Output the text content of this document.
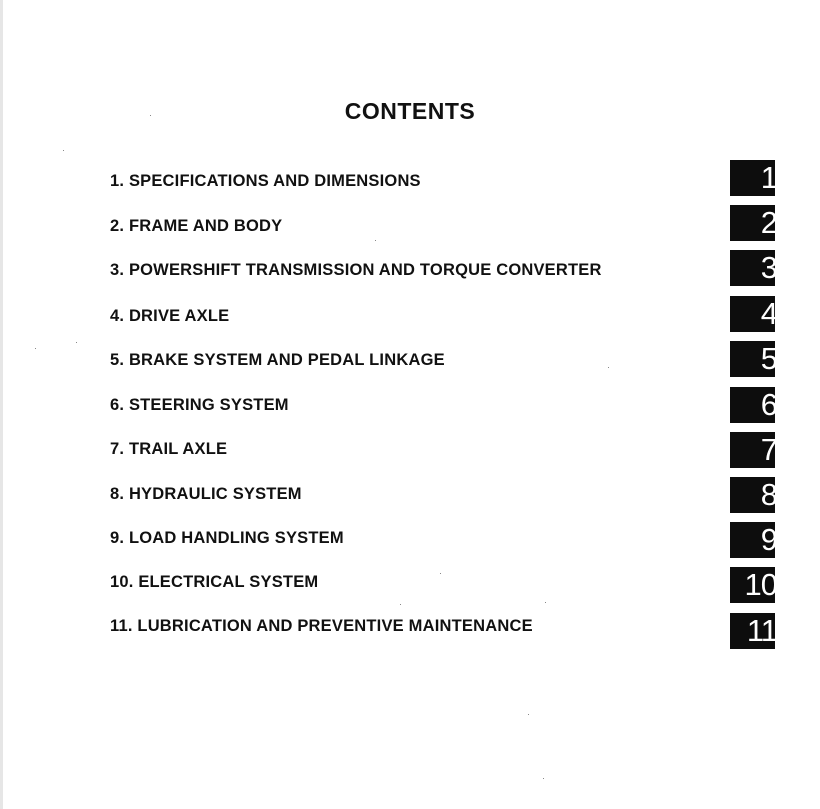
CONTENTS
1. SPECIFICATIONS AND DIMENSIONS
2. FRAME AND BODY
3. POWERSHIFT TRANSMISSION AND TORQUE CONVERTER
4. DRIVE AXLE
5. BRAKE SYSTEM AND PEDAL LINKAGE
6. STEERING SYSTEM
7. TRAIL AXLE
8. HYDRAULIC SYSTEM
9. LOAD HANDLING SYSTEM
10. ELECTRICAL SYSTEM
11. LUBRICATION AND PREVENTIVE MAINTENANCE
1
2
3
4
5
6
7
8
9
10
11
